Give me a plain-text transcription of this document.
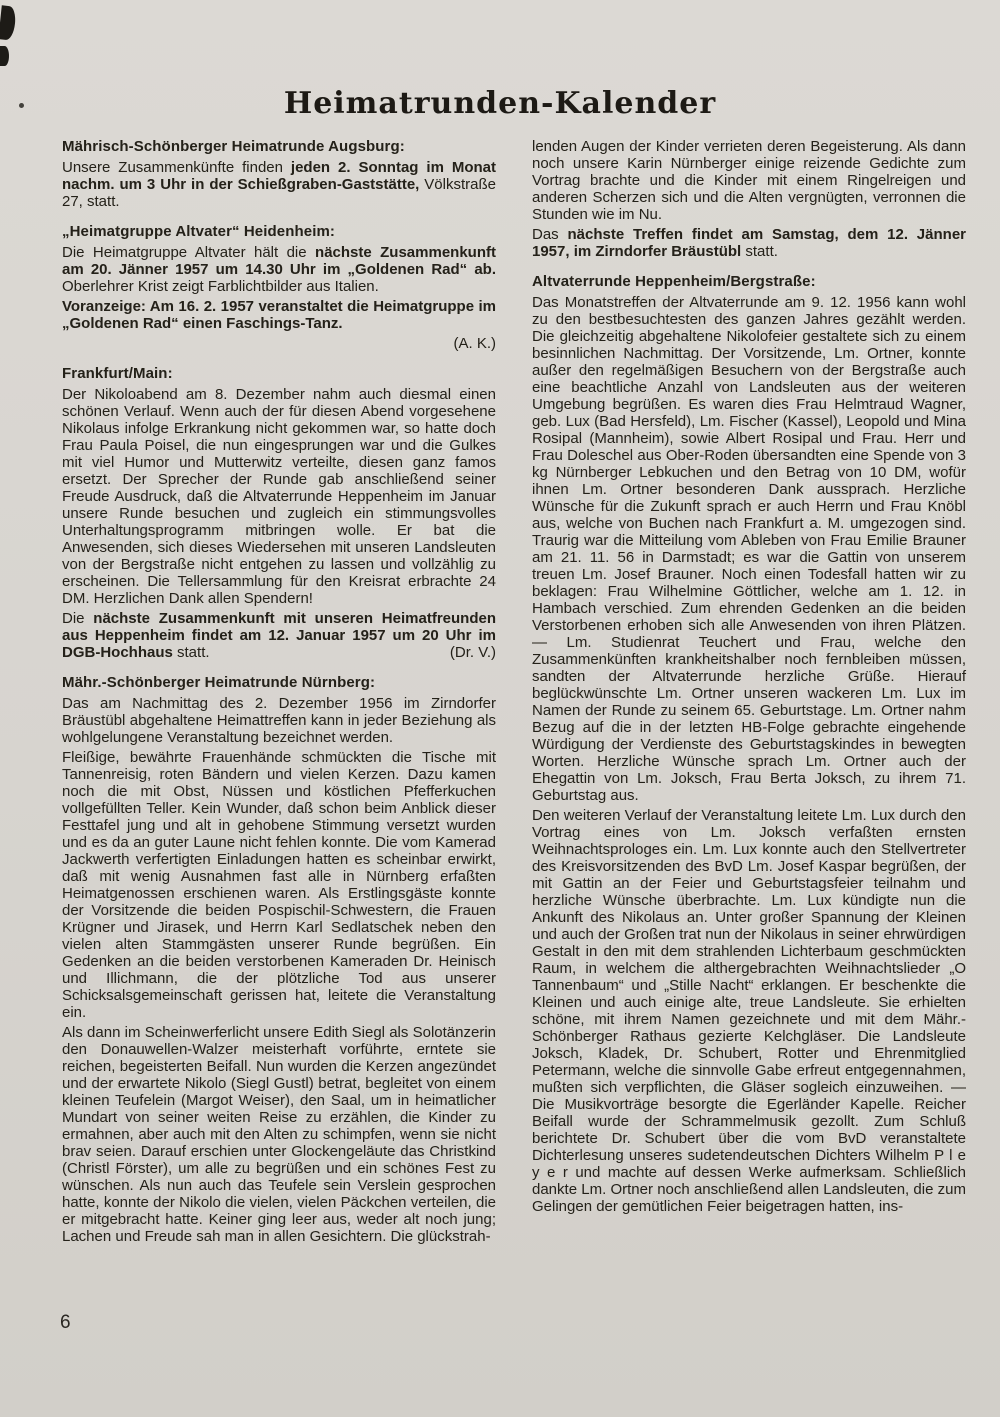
Heimatrunden-Kalender
Mährisch-Schönberger Heimatrunde Augsburg:

Unsere Zusammenkünfte finden jeden 2. Sonntag im Monat nachm. um 3 Uhr in der Schießgraben-Gaststätte, Völkstraße 27, statt.

„Heimatgruppe Altvater“ Heidenheim:

Die Heimatgruppe Altvater hält die nächste Zusammenkunft am 20. Jänner 1957 um 14.30 Uhr im „Goldenen Rad“ ab. Oberlehrer Krist zeigt Farblichtbilder aus Italien.

Voranzeige: Am 16. 2. 1957 veranstaltet die Heimatgruppe im „Goldenen Rad“ einen Faschings-Tanz.

(A. K.)

Frankfurt/Main:

Der Nikoloabend am 8. Dezember nahm auch diesmal einen schönen Verlauf. Wenn auch der für diesen Abend vorgesehene Nikolaus infolge Erkrankung nicht gekommen war, so hatte doch Frau Paula Poisel, die nun eingesprungen war und die Gulkes mit viel Humor und Mutterwitz verteilte, diesen ganz famos ersetzt. Der Sprecher der Runde gab anschließend seiner Freude Ausdruck, daß die Altvaterrunde Heppenheim im Januar unsere Runde besuchen und zugleich ein stimmungsvolles Unterhaltungsprogramm mitbringen wolle. Er bat die Anwesenden, sich dieses Wiedersehen mit unseren Landsleuten von der Bergstraße nicht entgehen zu lassen und vollzählig zu erscheinen. Die Tellersammlung für den Kreisrat erbrachte 24 DM. Herzlichen Dank allen Spendern!

Die nächste Zusammenkunft mit unseren Heimatfreunden aus Heppenheim findet am 12. Januar 1957 um 20 Uhr im DGB-Hochhaus statt.	(Dr. V.)

Mähr.-Schönberger Heimatrunde Nürnberg:

Das am Nachmittag des 2. Dezember 1956 im Zirndorfer Bräustübl abgehaltene Heimattreffen kann in jeder Beziehung als wohlgelungene Veranstaltung bezeichnet werden.

Fleißige, bewährte Frauenhände schmückten die Tische mit Tannenreisig, roten Bändern und vielen Kerzen. Dazu kamen noch die mit Obst, Nüssen und köstlichen Pfefferkuchen vollgefüllten Teller. Kein Wunder, daß schon beim Anblick dieser Festtafel jung und alt in gehobene Stimmung versetzt wurden und es da an guter Laune nicht fehlen konnte. Die vom Kamerad Jackwerth verfertigten Einladungen hatten es scheinbar erwirkt, daß mit wenig Ausnahmen fast alle in Nürnberg erfaßten Heimatgenossen erschienen waren. Als Erstlingsgäste konnte der Vorsitzende die beiden Pospischil-Schwestern, die Frauen Krügner und Jirasek, und Herrn Karl Sedlatschek neben den vielen alten Stammgästen unserer Runde begrüßen. Ein Gedenken an die beiden verstorbenen Kameraden Dr. Heinisch und Illichmann, die der plötzliche Tod aus unserer Schicksalsgemeinschaft gerissen hat, leitete die Veranstaltung ein.

Als dann im Scheinwerferlicht unsere Edith Siegl als Solotänzerin den Donauwellen-Walzer meisterhaft vorführte, erntete sie reichen, begeisterten Beifall. Nun wurden die Kerzen angezündet und der erwartete Nikolo (Siegl Gustl) betrat, begleitet von einem kleinen Teufelein (Margot Weiser), den Saal, um in heimatlicher Mundart von seiner weiten Reise zu erzählen, die Kinder zu ermahnen, aber auch mit den Alten zu schimpfen, wenn sie nicht brav seien. Darauf erschien unter Glockengeläute das Christkind (Christl Förster), um alle zu begrüßen und ein schönes Fest zu wünschen. Als nun auch das Teufele sein Verslein gesprochen hatte, konnte der Nikolo die vielen, vielen Päckchen verteilen, die er mitgebracht hatte. Keiner ging leer aus, weder alt noch jung; Lachen und Freude sah man in allen Gesichtern. Die glückstrah-

lenden Augen der Kinder verrieten deren Begeisterung. Als dann noch unsere Karin Nürnberger einige reizende Gedichte zum Vortrag brachte und die Kinder mit einem Ringelreigen und anderen Scherzen sich und die Alten vergnügten, verronnen die Stunden wie im Nu.

Das nächste Treffen findet am Samstag, dem 12. Jänner 1957, im Zirndorfer Bräustübl statt.

Altvaterrunde Heppenheim/Bergstraße:

Das Monatstreffen der Altvaterrunde am 9. 12. 1956 kann wohl zu den bestbesuchtesten des ganzen Jahres gezählt werden. Die gleichzeitig abgehaltene Nikolofeier gestaltete sich zu einem besinnlichen Nachmittag. Der Vorsitzende, Lm. Ortner, konnte außer den regelmäßigen Besuchern von der Bergstraße auch eine beachtliche Anzahl von Landsleuten aus der weiteren Umgebung begrüßen. Es waren dies Frau Helmtraud Wagner, geb. Lux (Bad Hersfeld), Lm. Fischer (Kassel), Leopold und Mina Rosipal (Mannheim), sowie Albert Rosipal und Frau. Herr und Frau Doleschel aus Ober-Roden übersandten eine Spende von 3 kg Nürnberger Lebkuchen und den Betrag von 10 DM, wofür ihnen Lm. Ortner besonderen Dank aussprach. Herzliche Wünsche für die Zukunft sprach er auch Herrn und Frau Knöbl aus, welche von Buchen nach Frankfurt a. M. umgezogen sind. Traurig war die Mitteilung vom Ableben von Frau Emilie Brauner am 21. 11. 56 in Darmstadt; es war die Gattin von unserem treuen Lm. Josef Brauner. Noch einen Todesfall hatten wir zu beklagen: Frau Wilhelmine Göttlicher, welche am 1. 12. in Hambach verschied. Zum ehrenden Gedenken an die beiden Verstorbenen erhoben sich alle Anwesenden von ihren Plätzen. — Lm. Studienrat Teuchert und Frau, welche den Zusammenkünften krankheitshalber noch fernbleiben müssen, sandten der Altvaterrunde herzliche Grüße. Hierauf beglückwünschte Lm. Ortner unseren wackeren Lm. Lux im Namen der Runde zu seinem 65. Geburtstage. Lm. Ortner nahm Bezug auf die in der letzten HB-Folge gebrachte eingehende Würdigung der Verdienste des Geburtstagskindes in bewegten Worten. Herzliche Wünsche sprach Lm. Ortner auch der Ehegattin von Lm. Joksch, Frau Berta Joksch, zu ihrem 71. Geburtstag aus.

Den weiteren Verlauf der Veranstaltung leitete Lm. Lux durch den Vortrag eines von Lm. Joksch verfaßten ernsten Weihnachtsprologes ein. Lm. Lux konnte auch den Stellvertreter des Kreisvorsitzenden des BvD Lm. Josef Kaspar begrüßen, der mit Gattin an der Feier und Geburtstagsfeier teilnahm und herzliche Wünsche überbrachte. Lm. Lux kündigte nun die Ankunft des Nikolaus an. Unter großer Spannung der Kleinen und auch der Großen trat nun der Nikolaus in seiner ehrwürdigen Gestalt in den mit dem strahlenden Lichterbaum geschmückten Raum, in welchem die althergebrachten Weihnachtslieder „O Tannenbaum“ und „Stille Nacht“ erklangen. Er beschenkte die Kleinen und auch einige alte, treue Landsleute. Sie erhielten schöne, mit ihrem Namen gezeichnete und mit dem Mähr.-Schönberger Rathaus gezierte Kelchgläser. Die Landsleute Joksch, Kladek, Dr. Schubert, Rotter und Ehrenmitglied Petermann, welche die sinnvolle Gabe erfreut entgegennahmen, mußten sich verpflichten, die Gläser sogleich einzuweihen. — Die Musikvorträge besorgte die Egerländer Kapelle. Reicher Beifall wurde der Schrammelmusik gezollt. Zum Schluß berichtete Dr. Schubert über die vom BvD veranstaltete Dichterlesung unseres sudetendeutschen Dichters Wilhelm P l e y e r und machte auf dessen Werke aufmerksam. Schließlich dankte Lm. Ortner noch anschließend allen Landsleuten, die zum Gelingen der gemütlichen Feier beigetragen hatten, ins-

6
